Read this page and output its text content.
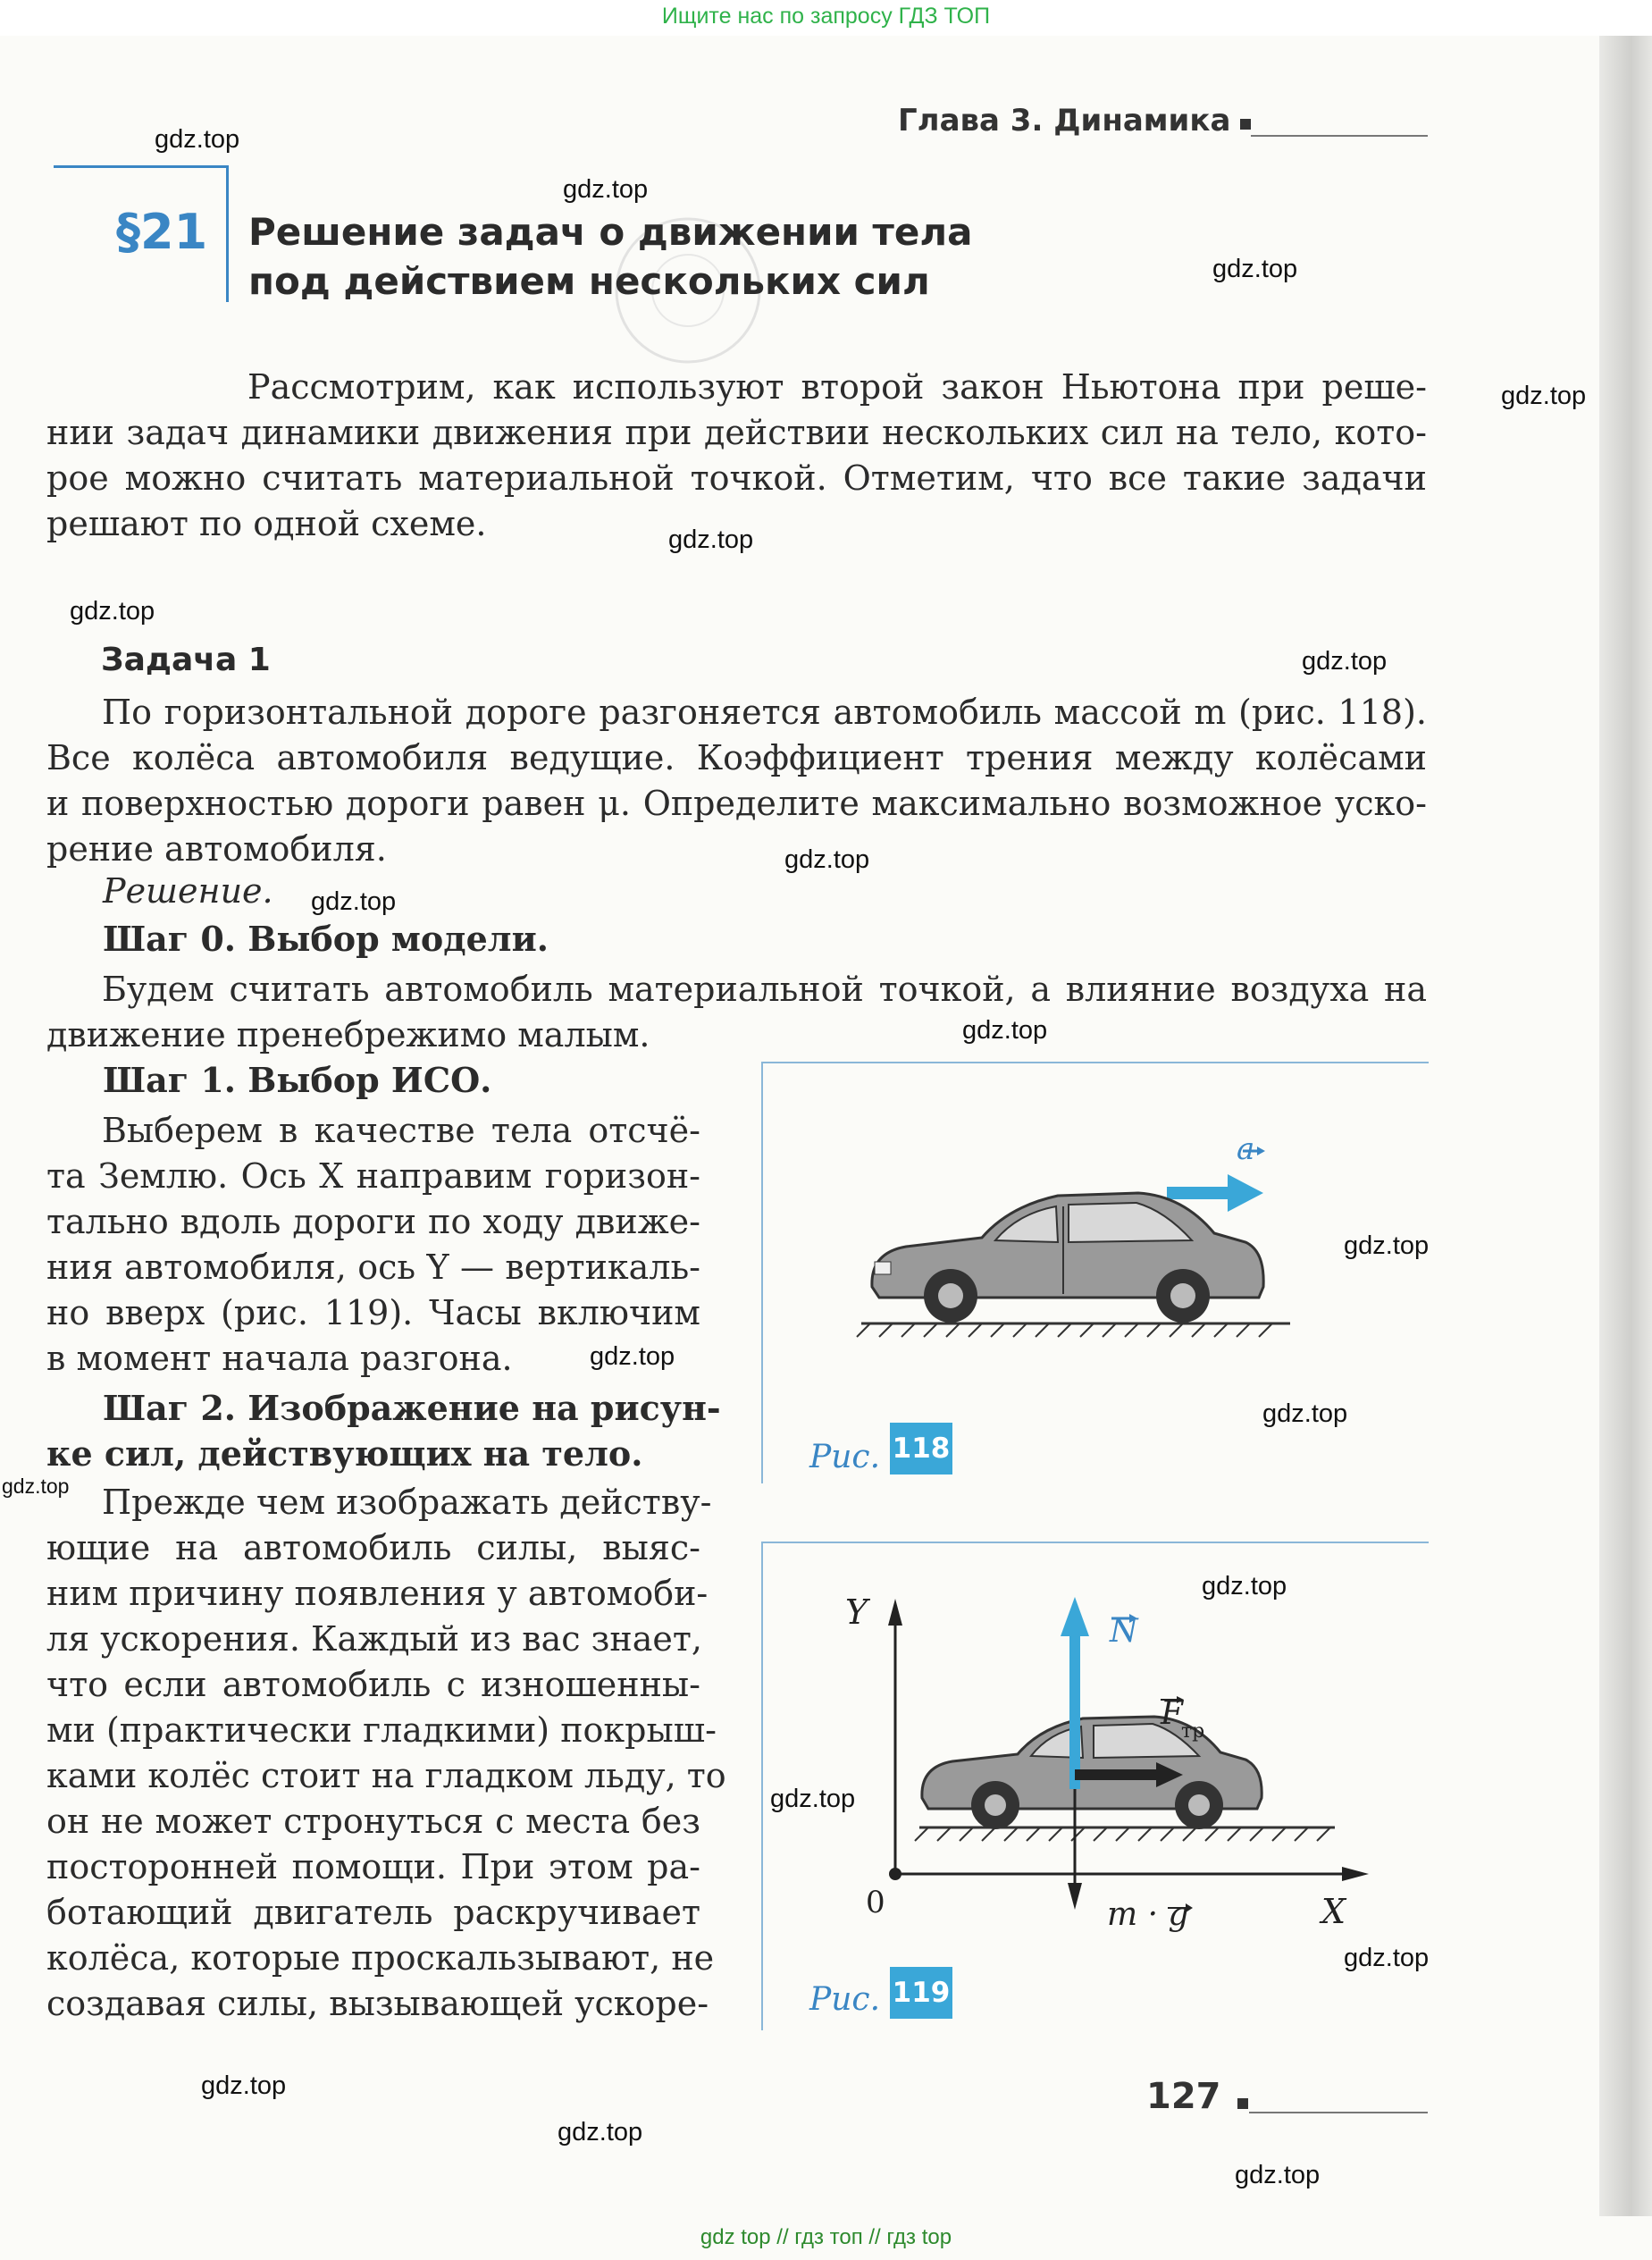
Ищите нас по запросу ГДЗ ТОП
Глава 3. Динамика
§21 Решение задач о движении тела
под действием нескольких сил
Рассмотрим, как используют второй закон Ньютона при реше-
нии задач динамики движения при действии нескольких сил на тело, кото-
рое можно считать материальной точкой. Отметим, что все такие задачи
решают по одной схеме.
Задача 1
По горизонтальной дороге разгоняется автомобиль массой m (рис. 118).
Все колёса автомобиля ведущие. Коэффициент трения между колёсами
и поверхностью дороги равен μ. Определите максимально возможное уско-
рение автомобиля.
Решение.
Шаг 0. Выбор модели.
Будем считать автомобиль материальной точкой, а влияние воздуха на
движение пренебрежимо малым.
Шаг 1. Выбор ИСО.
Выберем в качестве тела отсчё-
та Землю. Ось X направим горизон-
тально вдоль дороги по ходу движе-
ния автомобиля, ось Y — вертикаль-
но вверх (рис. 119). Часы включим
в момент начала разгона.
Шаг 2. Изображение на рисун-
ке сил, действующих на тело.
Прежде чем изображать действу-
ющие на автомобиль силы, выяс-
ним причину появления у автомоби-
ля ускорения. Каждый из вас знает,
что если автомобиль с изношенны-
ми (практически гладкими) покрыш-
ками колёс стоит на гладком льду, то
он не может стронуться с места без
посторонней помощи. При этом ра-
ботающий двигатель раскручивает
колёса, которые проскальзывают, не
создавая силы, вызывающей ускоре-
a
Рис. 118
Y
X
0
N
F
тр
m · g
Рис. 119
127
gdz.top
gdz.top
gdz.top
gdz.top
gdz.top
gdz.top
gdz.top
gdz.top
gdz.top
gdz.top
gdz.top
gdz.top
gdz.top
gdz.top
gdz.top
gdz.top
gdz.top
gdz.top
gdz.top
gdz.top
gdz top // гдз топ // гдз top
